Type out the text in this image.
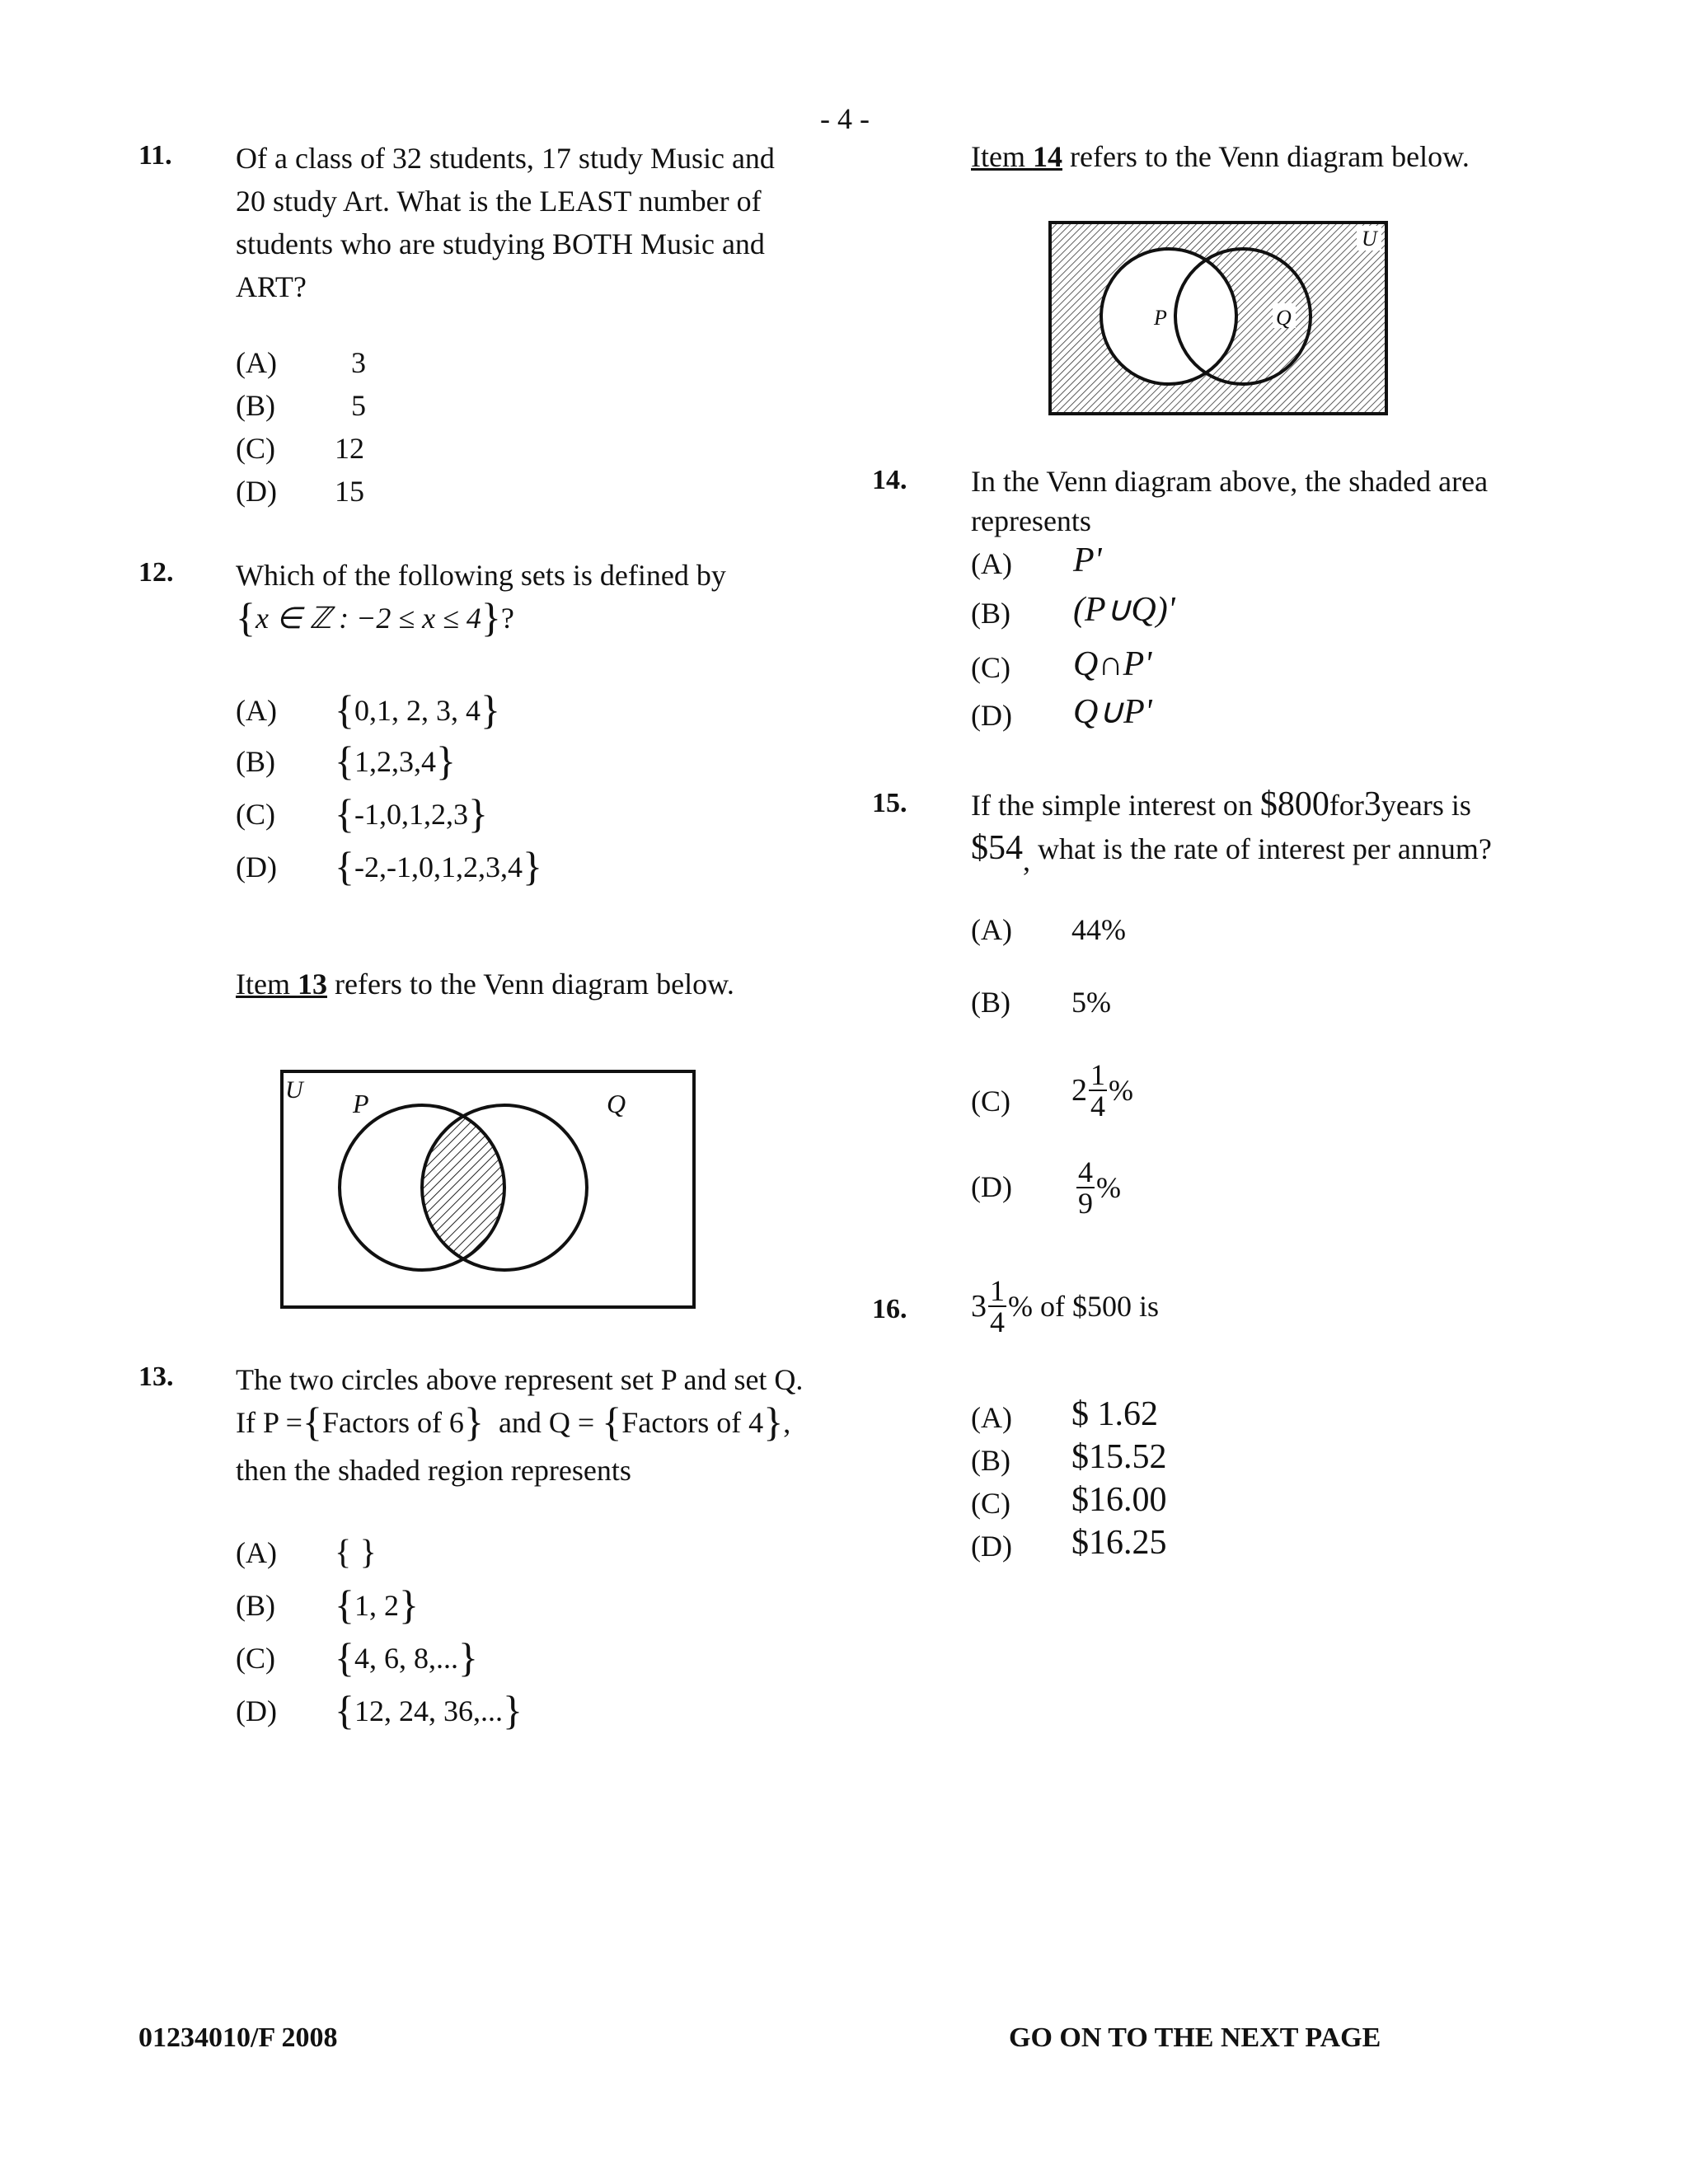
- 4 -
11. Of a class of 32 students, 17 study Music and
20 study Art. What is the LEAST number of
students who are studying BOTH Music and
ART?
(A)	3
(B)	5
(C) 12
(D) 15
12. Which of the following sets is defined by
{x ∈ ℤ : −2 ≤ x ≤ 4}?
(A) {0,1, 2, 3, 4}
(B) {1,2,3,4}
(C) {-1,0,1,2,3}
(D) {-2,-1,0,1,2,3,4}
Item 13 refers to the Venn diagram below.
U P	Q
13. The two circles above represent set P and set Q.
If P ={Factors of 6} and Q = {Factors of 4},
then the shaded region represents
(A) { }
(B) {1, 2}
(C) {4, 6, 8,...}
(D) {12, 24, 36,...}
Item 14 refers to the Venn diagram below.
U
P	Q
14. In the Venn diagram above, the shaded area
represents
(A) P'
(B) (P∪Q)'
(C) Q∩P'
(D) Q∪P'
15. If the simple interest on $800for3years is
$54, what is the rate of interest per annum?
(A) 44%
(B) 5%
(C) $2 \frac{1}{4}$ %
$(D) \frac{4}{9}$ %
16. $3 \frac{1}{4}$ % of $500 is
(A) $ 1.62
(B) $15.52
(C) $16.00
(D) $16.25
01234010/F 2008	GO ON TO THE NEXT PAGE
